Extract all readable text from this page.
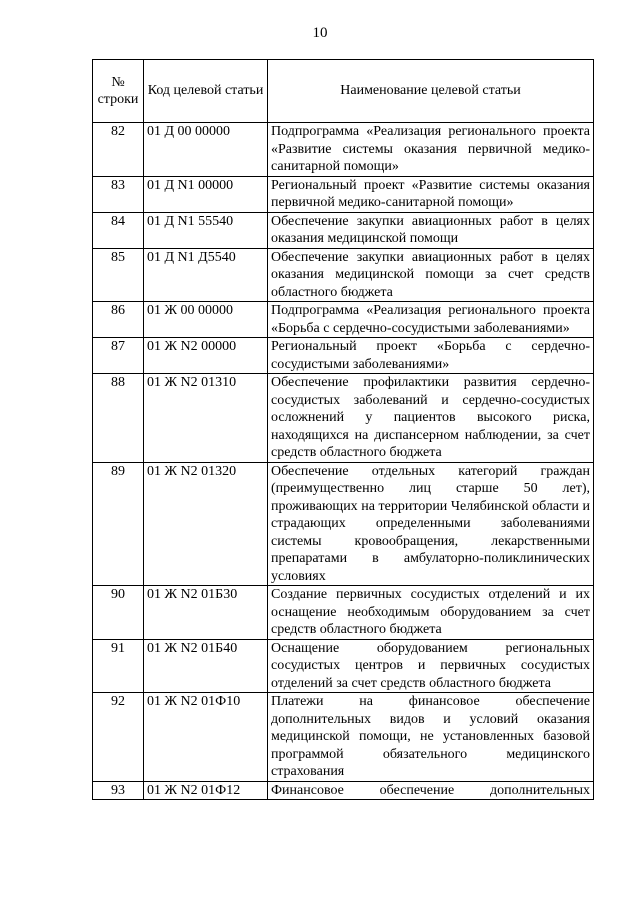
10
№ строки	Код целевой статьи	Наименование целевой статьи
82	01 Д 00 00000	Подпрограмма «Реализация регионального проекта «Развитие системы оказания первичной медико-санитарной помощи»
83	01 Д N1 00000	Региональный проект «Развитие системы оказания первичной медико-санитарной помощи»
84	01 Д N1 55540	Обеспечение закупки авиационных работ в целях оказания медицинской помощи
85	01 Д N1 Д5540	Обеспечение закупки авиационных работ в целях оказания медицинской помощи за счет средств областного бюджета
86	01 Ж 00 00000	Подпрограмма «Реализация регионального проекта «Борьба с сердечно-сосудистыми заболеваниями»
87	01 Ж N2 00000	Региональный проект «Борьба с сердечно-сосудистыми заболеваниями»
88	01 Ж N2 01310	Обеспечение профилактики развития сердечно-сосудистых заболеваний и сердечно-сосудистых осложнений у пациентов высокого риска, находящихся на диспансерном наблюдении, за счет средств областного бюджета
89	01 Ж N2 01320	Обеспечение отдельных категорий граждан (преимущественно лиц старше 50 лет), проживающих на территории Челябинской области и страдающих определенными заболеваниями системы кровообращения, лекарственными препаратами в амбулаторно-поликлинических условиях
90	01 Ж N2 01Б30	Создание первичных сосудистых отделений и их оснащение необходимым оборудованием за счет средств областного бюджета
91	01 Ж N2 01Б40	Оснащение оборудованием региональных сосудистых центров и первичных сосудистых отделений за счет средств областного бюджета
92	01 Ж N2 01Ф10	Платежи на финансовое обеспечение дополнительных видов и условий оказания медицинской помощи, не установленных базовой программой обязательного медицинского страхования

93	01 Ж N2 01Ф12	Финансовое обеспечение дополнительных
